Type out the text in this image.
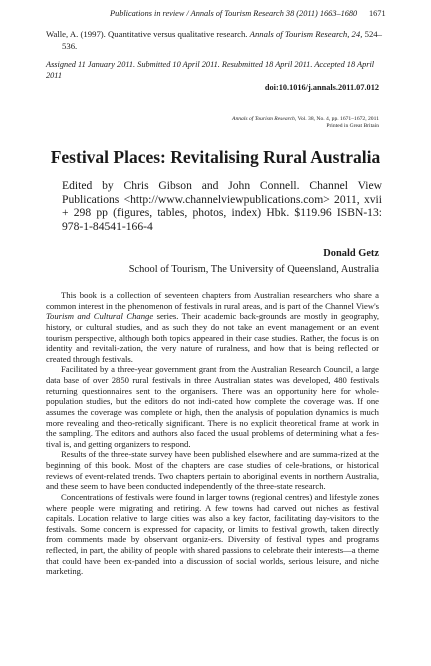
Publications in review / Annals of Tourism Research 38 (2011) 1663–1680 1671
Walle, A. (1997). Quantitative versus qualitative research. Annals of Tourism Research, 24, 524–536.
Assigned 11 January 2011. Submitted 10 April 2011. Resubmitted 18 April 2011. Accepted 18 April 2011
doi:10.1016/j.annals.2011.07.012
Annals of Tourism Research, Vol. 38, No. 4, pp. 1671–1672, 2011
Printed in Great Britain
Festival Places: Revitalising Rural Australia
Edited by Chris Gibson and John Connell. Channel View Publications <http://www.channelviewpublications.com> 2011, xvii + 298 pp (figures, tables, photos, index) Hbk. $119.96 ISBN-13: 978-1-84541-166-4
Donald Getz
School of Tourism, The University of Queensland, Australia

This book is a collection of seventeen chapters from Australian researchers who share a common interest in the phenomenon of festivals in rural areas, and is part of the Channel View's Tourism and Cultural Change series. Their academic back-grounds are mostly in geography, history, or cultural studies, and as such they do not take an event management or an event tourism perspective, although both topics appeared in their case studies. Rather, the focus is on identity and revitali-zation, the very nature of ruralness, and how that is being reflected or created through festivals.

Facilitated by a three-year government grant from the Australian Research Council, a large data base of over 2850 rural festivals in three Australian states was developed, 480 festivals returning questionnaires sent to the organisers. There was an opportunity here for whole-population studies, but the editors do not indi-cated how complete the coverage was. If one assumes the coverage was complete or high, then the analysis of population dynamics is much more revealing and theo-retically significant. There is no explicit theoretical frame at work in the sampling. The editors and authors also faced the usual problems of determining what a fes-tival is, and getting organizers to respond.

Results of the three-state survey have been published elsewhere and are summa-rized at the beginning of this book. Most of the chapters are case studies of cele-brations, or historical reviews of event-related trends. Two chapters pertain to aboriginal events in northern Australia, and these seem to have been conducted independently of the three-state research.

Concentrations of festivals were found in larger towns (regional centres) and lifestyle zones where people were migrating and retiring. A few towns had carved out niches as festival capitals. Location relative to large cities was also a key factor, facilitating day-visitors to the festivals. Some concern is expressed for capacity, or limits to festival growth, taken directly from comments made by observant organiz-ers. Diversity of festival types and programs reflected, in part, the ability of people with shared passions to celebrate their interests—a theme that could have been ex-panded into a discussion of social worlds, serious leisure, and niche marketing.
